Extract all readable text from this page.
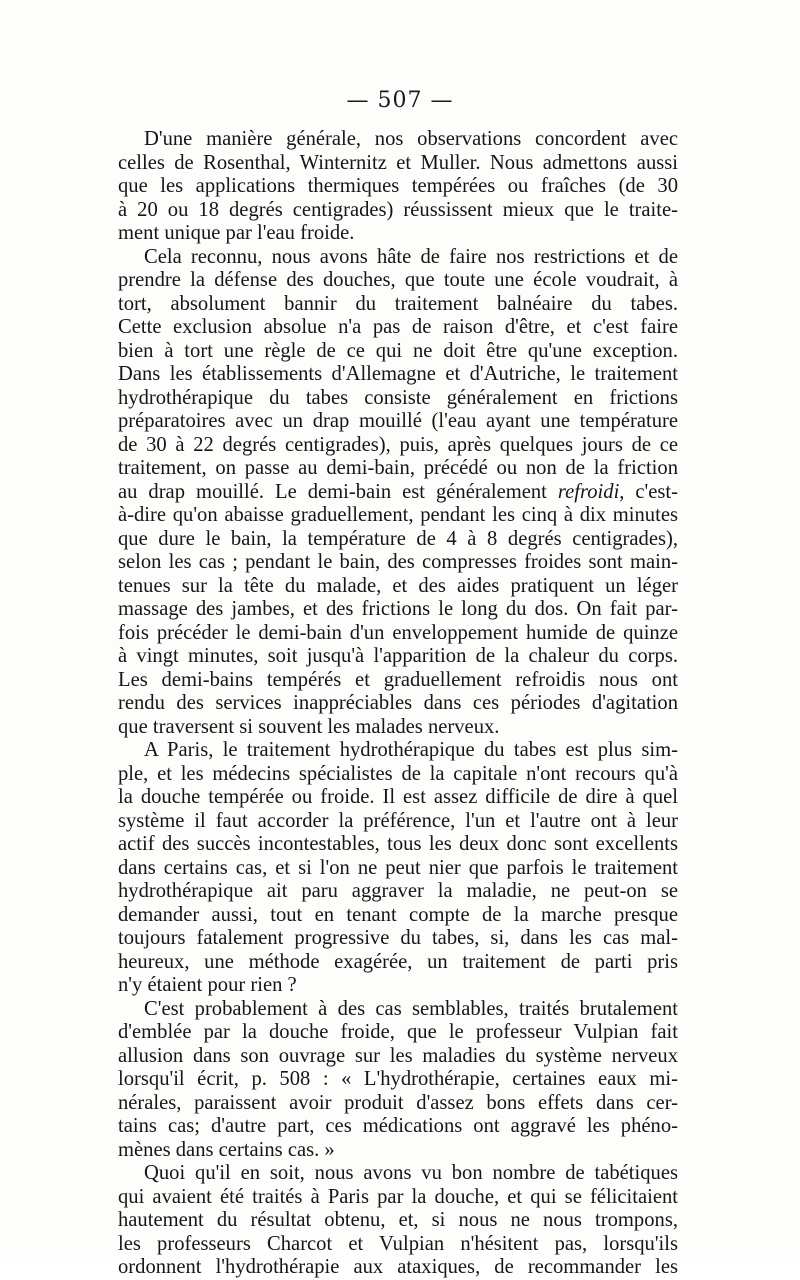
— 507 —
D'une manière générale, nos observations concordent avec
celles de Rosenthal, Winternitz et Muller. Nous admettons aussi
que les applications thermiques tempérées ou fraîches (de 30
à 20 ou 18 degrés centigrades) réussissent mieux que le traite-
ment unique par l'eau froide.
Cela reconnu, nous avons hâte de faire nos restrictions et de
prendre la défense des douches, que toute une école voudrait, à
tort, absolument bannir du traitement balnéaire du tabes.
Cette exclusion absolue n'a pas de raison d'être, et c'est faire
bien à tort une règle de ce qui ne doit être qu'une exception.
Dans les établissements d'Allemagne et d'Autriche, le traitement
hydrothérapique du tabes consiste généralement en frictions
préparatoires avec un drap mouillé (l'eau ayant une température
de 30 à 22 degrés centigrades), puis, après quelques jours de ce
traitement, on passe au demi-bain, précédé ou non de la friction
au drap mouillé. Le demi-bain est généralement refroidi, c'est-
à-dire qu'on abaisse graduellement, pendant les cinq à dix minutes
que dure le bain, la température de 4 à 8 degrés centigrades),
selon les cas ; pendant le bain, des compresses froides sont main-
tenues sur la tête du malade, et des aides pratiquent un léger
massage des jambes, et des frictions le long du dos. On fait par-
fois précéder le demi-bain d'un enveloppement humide de quinze
à vingt minutes, soit jusqu'à l'apparition de la chaleur du corps.
Les demi-bains tempérés et graduellement refroidis nous ont
rendu des services inappréciables dans ces périodes d'agitation
que traversent si souvent les malades nerveux.
A Paris, le traitement hydrothérapique du tabes est plus sim-
ple, et les médecins spécialistes de la capitale n'ont recours qu'à
la douche tempérée ou froide. Il est assez difficile de dire à quel
système il faut accorder la préférence, l'un et l'autre ont à leur
actif des succès incontestables, tous les deux donc sont excellents
dans certains cas, et si l'on ne peut nier que parfois le traitement
hydrothérapique ait paru aggraver la maladie, ne peut-on se
demander aussi, tout en tenant compte de la marche presque
toujours fatalement progressive du tabes, si, dans les cas mal-
heureux, une méthode exagérée, un traitement de parti pris
n'y étaient pour rien ?
C'est probablement à des cas semblables, traités brutalement
d'emblée par la douche froide, que le professeur Vulpian fait
allusion dans son ouvrage sur les maladies du système nerveux
lorsqu'il écrit, p. 508 : « L'hydrothérapie, certaines eaux mi-
nérales, paraissent avoir produit d'assez bons effets dans cer-
tains cas; d'autre part, ces médications ont aggravé les phéno-
mènes dans certains cas. »
Quoi qu'il en soit, nous avons vu bon nombre de tabétiques
qui avaient été traités à Paris par la douche, et qui se félicitaient
hautement du résultat obtenu, et, si nous ne nous trompons,
les professeurs Charcot et Vulpian n'hésitent pas, lorsqu'ils
ordonnent l'hydrothérapie aux ataxiques, de recommander les
